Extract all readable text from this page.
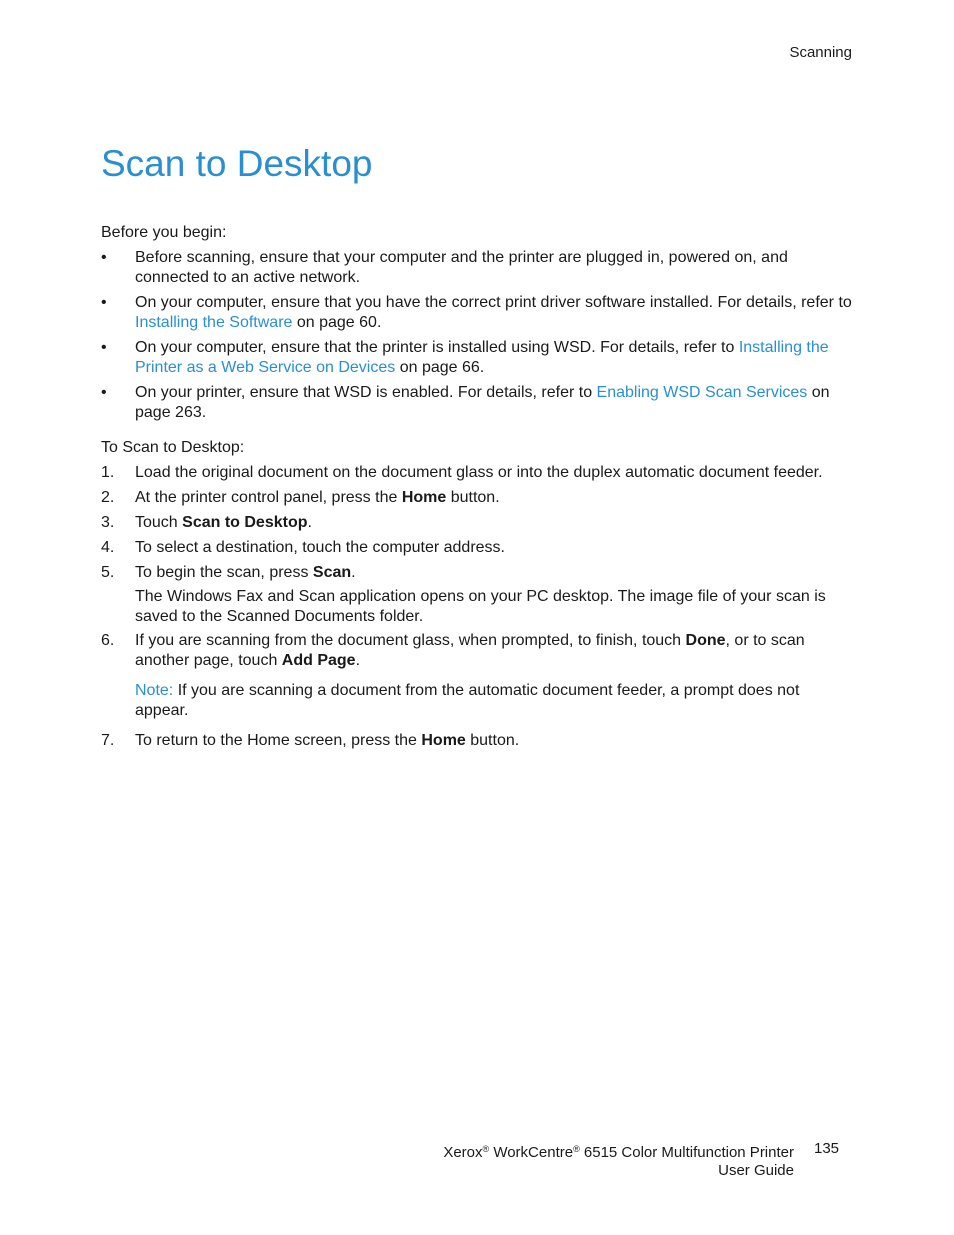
Scanning
Scan to Desktop
Before you begin:
•	Before scanning, ensure that your computer and the printer are plugged in, powered on, and connected to an active network.
•	On your computer, ensure that you have the correct print driver software installed. For details, refer to Installing the Software on page 60.
•	On your computer, ensure that the printer is installed using WSD. For details, refer to Installing the Printer as a Web Service on Devices on page 66.
•	On your printer, ensure that WSD is enabled. For details, refer to Enabling WSD Scan Services on page 263.
To Scan to Desktop:
1.	Load the original document on the document glass or into the duplex automatic document feeder.
2.	At the printer control panel, press the Home button.
3.	Touch Scan to Desktop.
4.	To select a destination, touch the computer address.
5.	To begin the scan, press Scan.
The Windows Fax and Scan application opens on your PC desktop. The image file of your scan is saved to the Scanned Documents folder.
6.	If you are scanning from the document glass, when prompted, to finish, touch Done, or to scan another page, touch Add Page.
Note: If you are scanning a document from the automatic document feeder, a prompt does not appear.
7.	To return to the Home screen, press the Home button.
Xerox® WorkCentre® 6515 Color Multifunction Printer
User Guide
135
